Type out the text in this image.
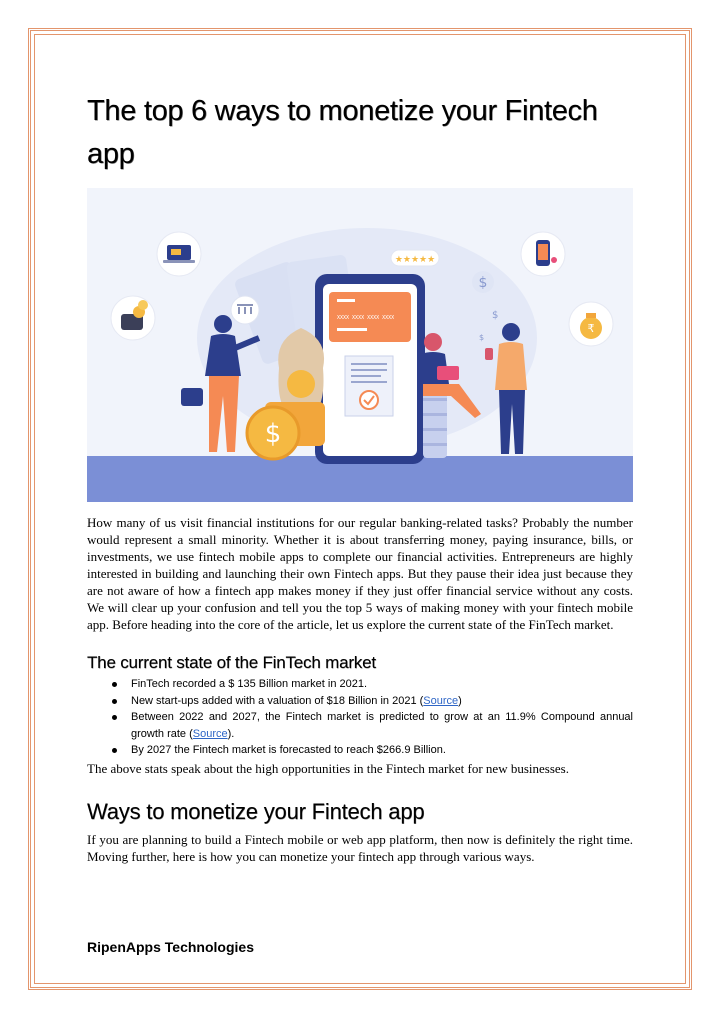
The top 6 ways to monetize your Fintech app
★★★★★
₹
$
$
$
XXXX XXXX XXXX XXXX
$

How many of us visit financial institutions for our regular banking-related tasks? Probably the number would represent a small minority. Whether it is about transferring money, paying insurance, bills, or investments, we use fintech mobile apps to complete our financial activities. Entrepreneurs are highly interested in building and launching their own Fintech apps. But they pause their idea just because they are not aware of how a fintech app makes money if they just offer financial service without any costs. We will clear up your confusion and tell you the top 5 ways of making money with your fintech mobile app. Before heading into the core of the article, let us explore the current state of the FinTech market.

The current state of the FinTech market
FinTech recorded a $ 135 Billion market in 2021.
New start-ups added with a valuation of $18 Billion in 2021 (Source)
Between 2022 and 2027, the Fintech market is predicted to grow at an 11.9% Compound annual growth rate (Source).
By 2027 the Fintech market is forecasted to reach $266.9 Billion.

The above stats speak about the high opportunities in the Fintech market for new businesses.

Ways to monetize your Fintech app

If you are planning to build a Fintech mobile or web app platform, then now is definitely the right time. Moving further, here is how you can monetize your fintech app through various ways.

RipenApps Technologies
